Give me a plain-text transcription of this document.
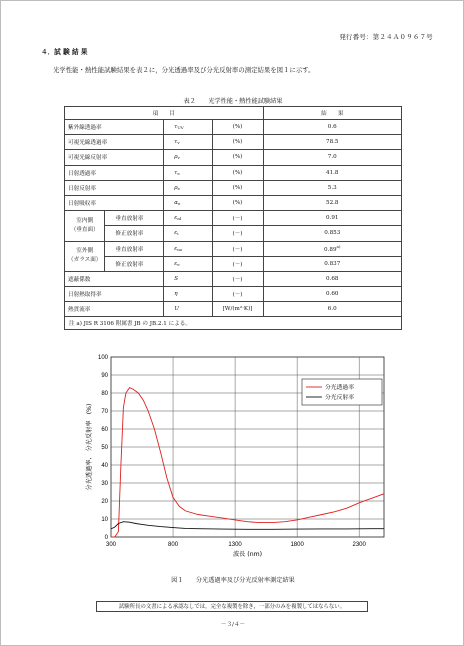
発行番号：第２４Ａ０９６７号
４．試 験 結 果
光学性能・熱性能試験結果を表２に，分光透過率及び分光反射率の測定結果を図１に示す。
表２　　光学性能・熱性能試験結果
項　　目				結　　果
紫外線透過率		$\tau_{UV}$	(%)	0.6
可視光線透過率		$\tau_v$	(%)	78.5
可視光線反射率		$\rho_v$	(%)	7.0
日射透過率		$\tau_e$	(%)	41.8
日射反射率		$\rho_e$	(%)	5.3
日射吸収率		$\alpha_e$	(%)	52.8

室内側
（垂直面）	垂直放射率	$\varepsilon_{nl}$	(－)	0.91
	修正放射率	$\varepsilon_i$	(－)	0.853

室外側
（ガラス面）	垂直放射率	$\varepsilon_{no}$	(－)	0.89$^{a)}$
	修正放射率	$\varepsilon_e$	(－)	0.837
遮蔽係数		S	(－)	0.68
日射熱取得率		η	(－)	0.60
熱貫流率		U	[W/(m²·K)]	6.0
注 a) JIS R 3106 附属書 JB の JB.2.1 による。
0
10
20
30
40
50
60
70
80
90
100
300	800	1300	1800	2300
分光透過率
分光反射率
波長 (nm)
分光透過率,　分光反射率　(%)
図１　　分光透過率及び分光反射率測定結果
試験所長の文書による承認なしでは，完全な複製を除き，一部分のみを複製してはならない。
－３/４－
